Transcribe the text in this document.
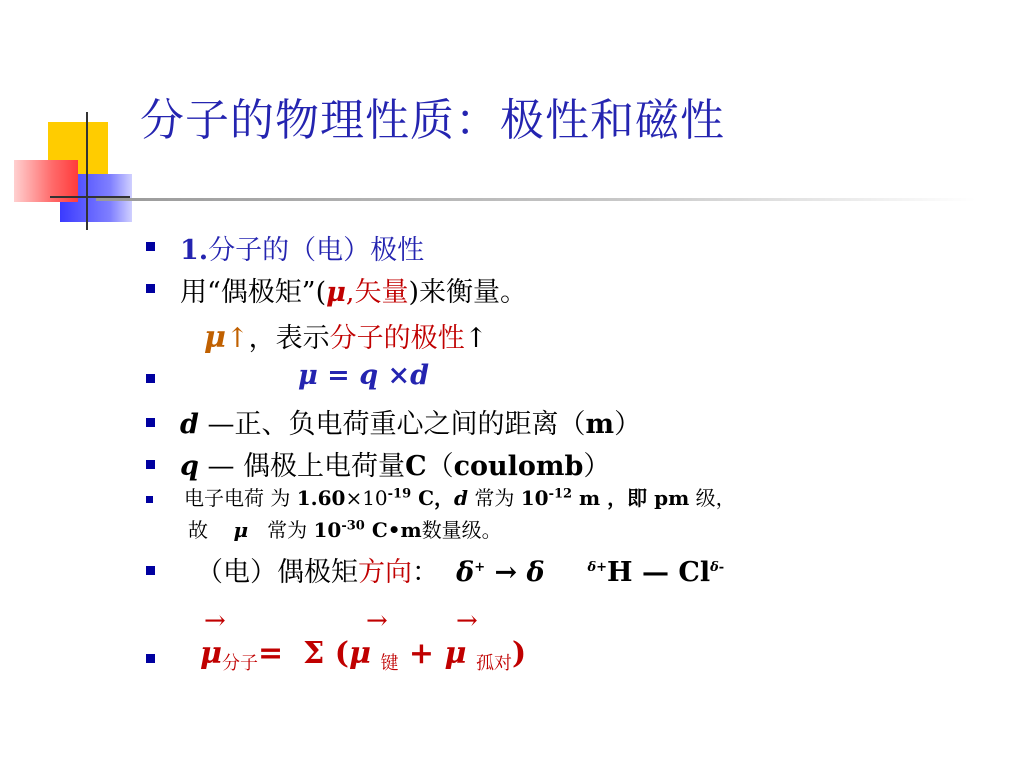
分子的物理性质：极性和磁性
1.分子的（电）极性
用“偶极矩”(μ,矢量)来衡量。
μ↑，表示分子的极性↑
μ = q ×d
d —正、负电荷重心之间的距离（m）
q — 偶极上电荷量C（coulomb）
电子电荷 为 $1.60\times 10^{-19}$ C，d 常为 $10^{-12}$ m ，即 pm 级，
故    μ   常为 $10^{-30}$ C•m数量级。
（电）偶极矩方向： δ+ → δ	$^{\delta+}$H — $Cl^{\delta-}$
→	→	→
$\mu_{分子}= \Sigma$ (μ $_键$ + μ $_{孤对}$)
